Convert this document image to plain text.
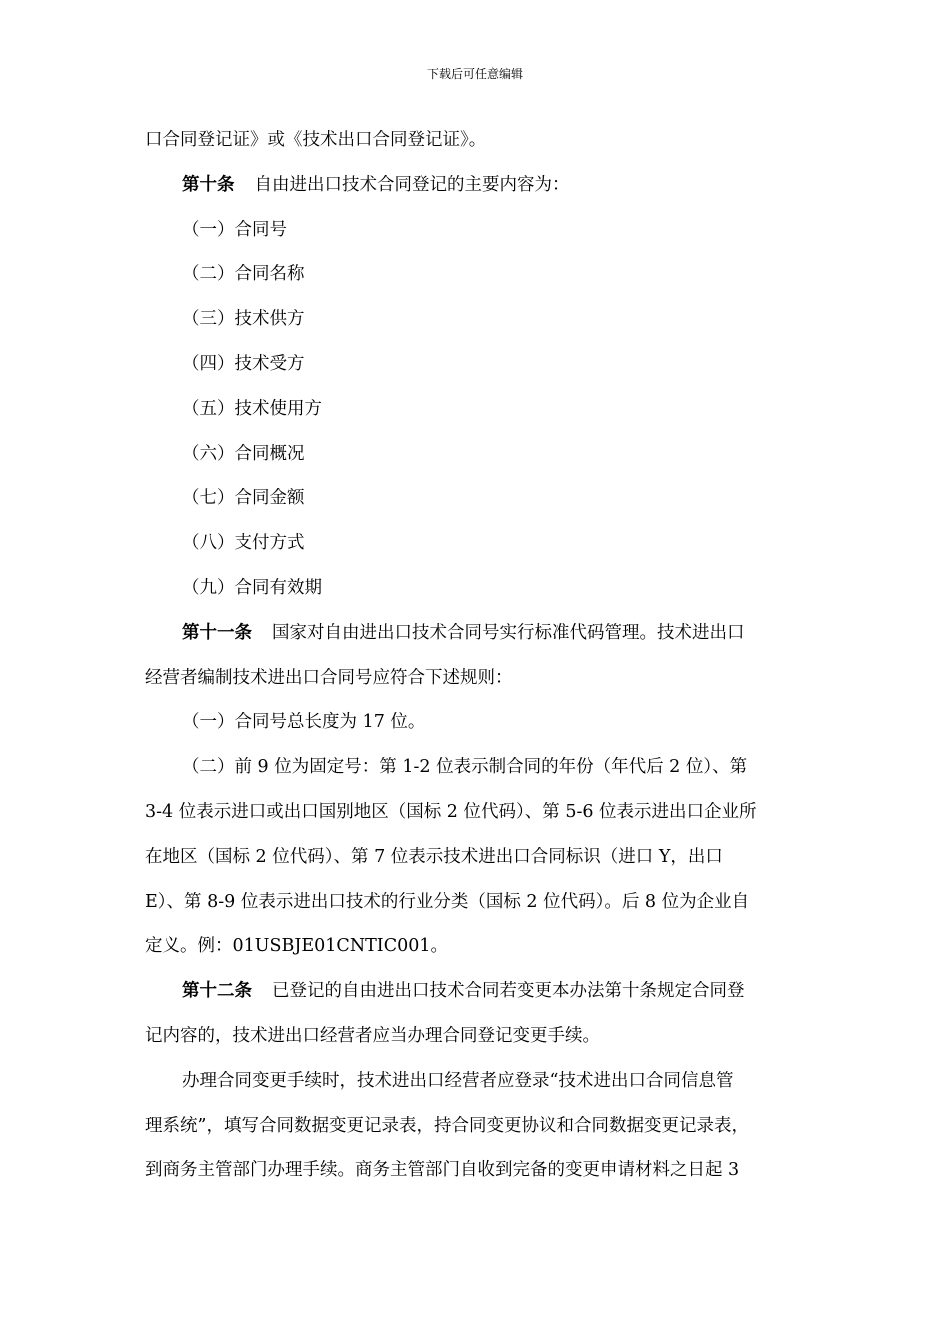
下载后可任意编辑
口合同登记证》或《技术出口合同登记证》。
第十条 自由进出口技术合同登记的主要内容为：
（一）合同号
（二）合同名称
（三）技术供方
（四）技术受方
（五）技术使用方
（六）合同概况
（七）合同金额
（八）支付方式
（九）合同有效期
第十一条 国家对自由进出口技术合同号实行标准代码管理。技术进出口
经营者编制技术进出口合同号应符合下述规则：
（一）合同号总长度为 17 位。
（二）前 9 位为固定号：第 1-2 位表示制合同的年份（年代后 2 位）、第
3-4 位表示进口或出口国别地区（国标 2 位代码）、第 5-6 位表示进出口企业所
在地区（国标 2 位代码）、第 7 位表示技术进出口合同标识（进口 Y，出口
E）、第 8-9 位表示进出口技术的行业分类（国标 2 位代码）。后 8 位为企业自
定义。例：01USBJE01CNTIC001。
第十二条 已登记的自由进出口技术合同若变更本办法第十条规定合同登
记内容的，技术进出口经营者应当办理合同登记变更手续。
办理合同变更手续时，技术进出口经营者应登录“技术进出口合同信息管
理系统”，填写合同数据变更记录表，持合同变更协议和合同数据变更记录表，
到商务主管部门办理手续。商务主管部门自收到完备的变更申请材料之日起 3
